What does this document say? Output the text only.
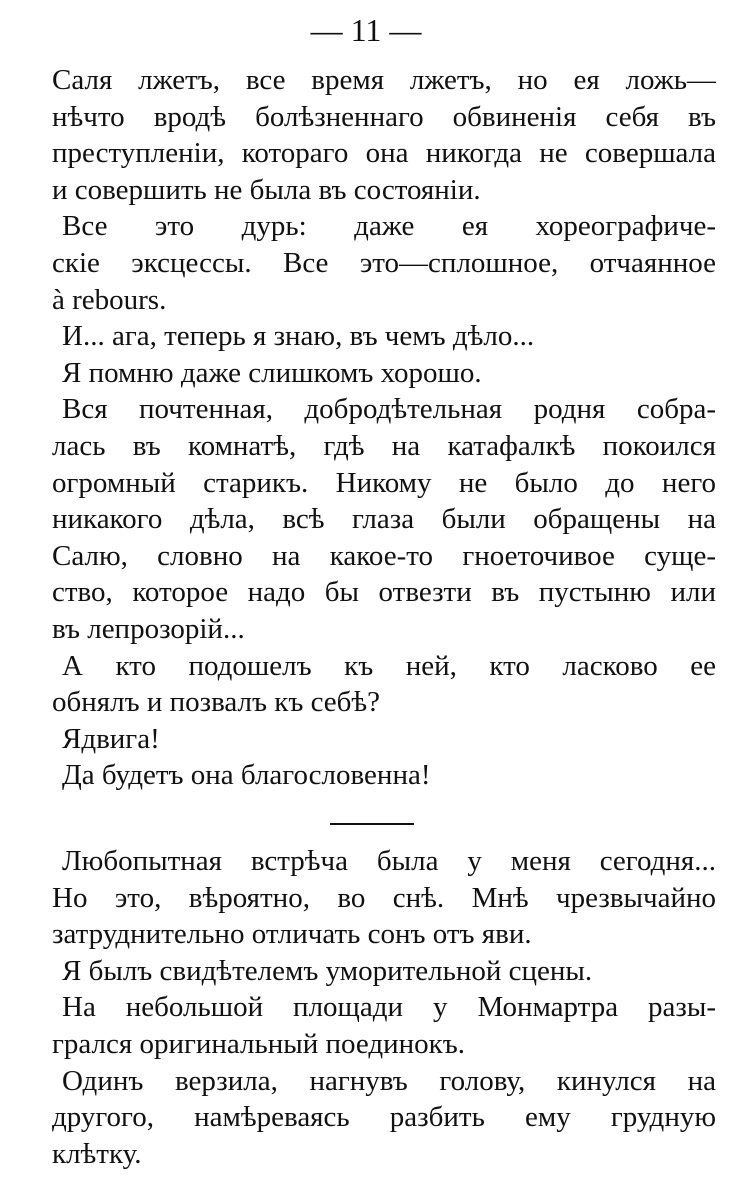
— 11 —
Саля лжетъ, все время лжетъ, но ея ложь—
нѣчто вродѣ болѣзненнаго обвиненія себя въ
преступленіи, котораго она никогда не совершала
и совершить не была въ состояніи.
Все это дурь: даже ея хореографиче-
скіе эксцессы. Все это—сплошное, отчаянное
à rebours.
И... ага, теперь я знаю, въ чемъ дѣло...
Я помню даже слишкомъ хорошо.
Вся почтенная, добродѣтельная родня собра-
лась въ комнатѣ, гдѣ на катафалкѣ покоился
огромный старикъ. Никому не было до него
никакого дѣла, всѣ глаза были обращены на
Салю, словно на какое-то гноеточивое суще-
ство, которое надо бы отвезти въ пустыню или
въ лепрозорій...
А кто подошелъ къ ней, кто ласково ее
обнялъ и позвалъ къ себѣ?
Ядвига!
Да будетъ она благословенна!
Любопытная встрѣча была у меня сегодня...
Но это, вѣроятно, во снѣ. Мнѣ чрезвычайно
затруднительно отличать сонъ отъ яви.
Я былъ свидѣтелемъ уморительной сцены.
На небольшой площади у Монмартра разы-
грался оригинальный поединокъ.
Одинъ верзила, нагнувъ голову, кинулся на
другого, намѣреваясь разбить ему грудную
клѣтку.
